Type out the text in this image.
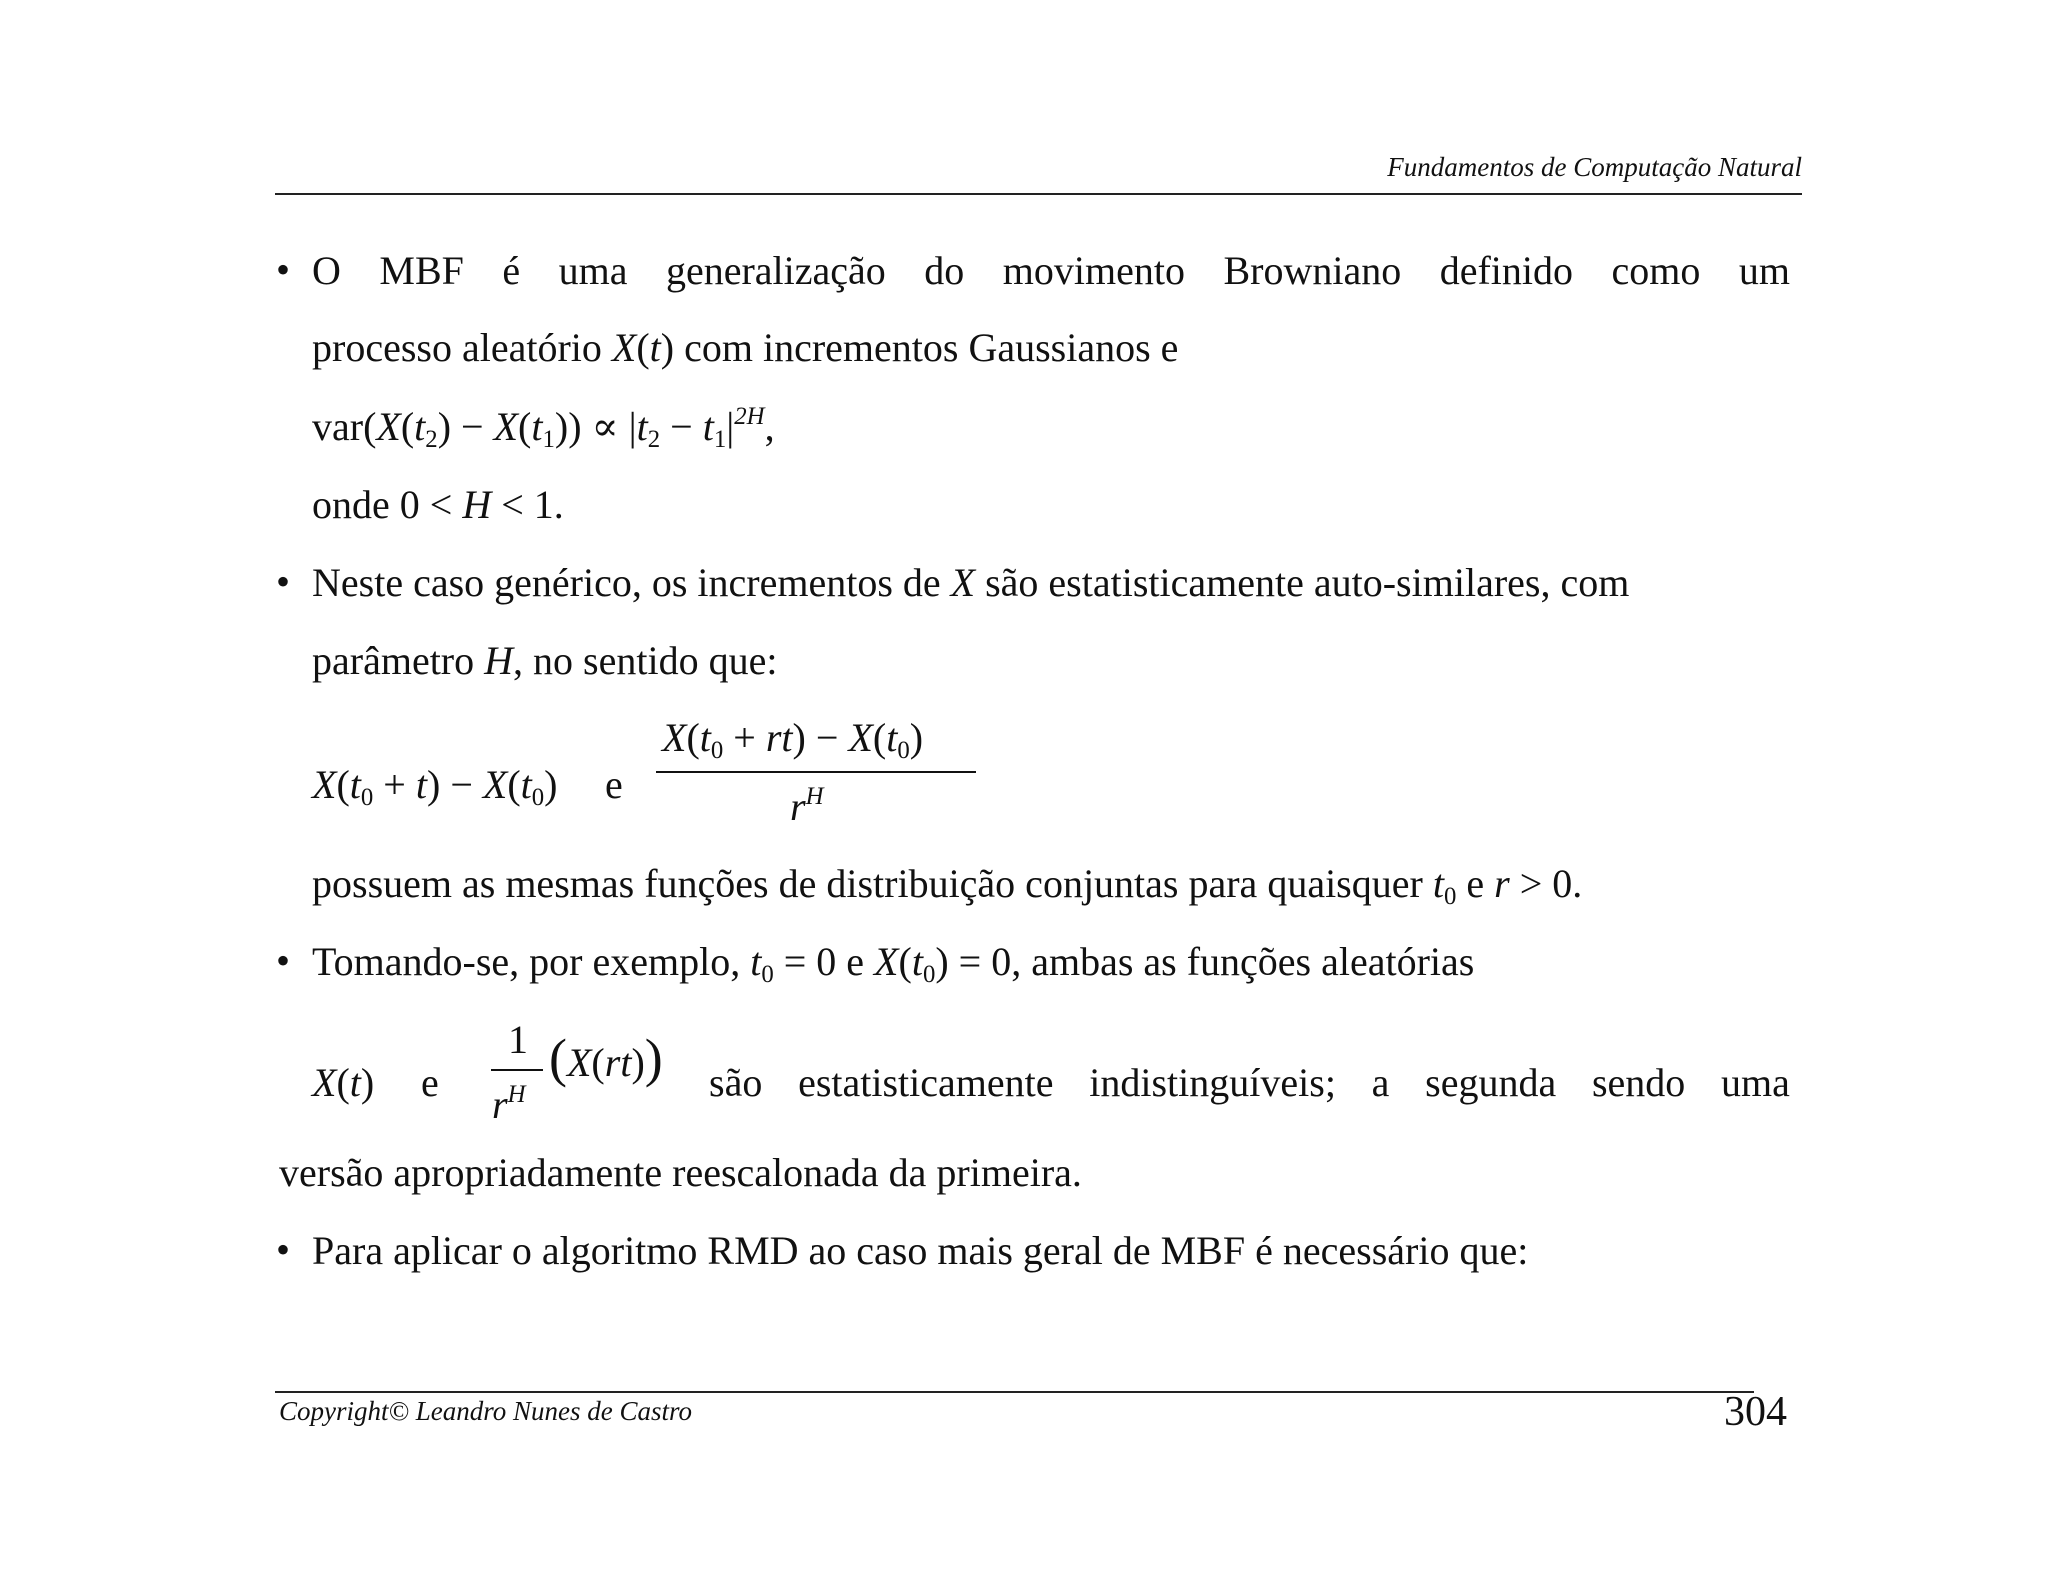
Fundamentos de Computação Natural
• O MBF é uma generalização do movimento Browniano definido como um
processo aleatório X(t) com incrementos Gaussianos e
$var(X(t_2) - X(t_1)) \propto |t_2 - t_1|^{2H}$,
onde 0 < H < 1.
• Neste caso genérico, os incrementos de X são estatisticamente auto-similares, com
parâmetro H, no sentido que:
$X(t_0 + t) - X(t_0)$ e
$X(t_0 + rt) - X(t_0)$
$r^H$
possuem as mesmas funções de distribuição conjuntas para quaisquer $t_0$ e r > 0.
• Tomando-se, por exemplo, $t_0 = 0$ e $X(t_0) = 0$, ambas as funções aleatórias
X(t) e
1
$r^H$
(X(rt)) são estatisticamente indistinguíveis; a segunda sendo uma
versão apropriadamente reescalonada da primeira.
• Para aplicar o algoritmo RMD ao caso mais geral de MBF é necessário que:
Copyright© Leandro Nunes de Castro	304
